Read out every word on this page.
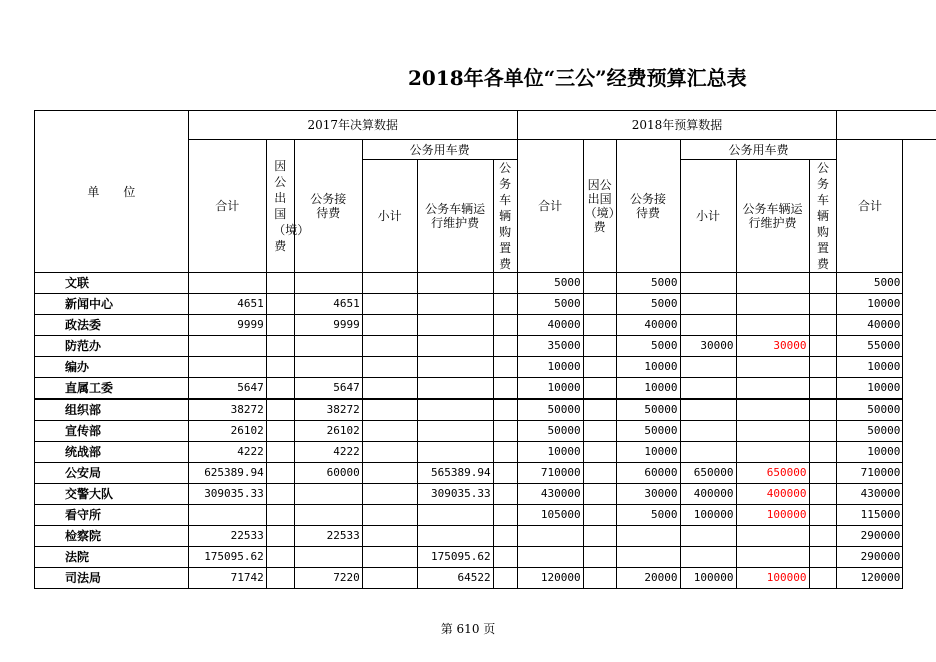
2018年各单位“三公”经费预算汇总表
单　　位	2017年决算数据						2018年预算数据							
	合计	因公出国（境）费	公务接待费	公务用车费			合计	因公出国（境）费	公务接待费	公务用车费			合计	
				小计	公务车辆运行维护费	公务车辆购置费				小计	公务车辆运行维护费	公务车辆购置费		

文联							5000		5000				5000	
新闻中心	4651		4651				5000		5000				10000	
政法委	9999		9999				40000		40000				40000	
防范办							35000		5000	30000	30000		55000	
编办							10000		10000				10000	
直属工委	5647		5647				10000		10000				10000	
组织部	38272		38272				50000		50000				50000	
宣传部	26102		26102				50000		50000				50000	
统战部	4222		4222				10000		10000				10000	
公安局	625389.94		60000		565389.94		710000		60000	650000	650000		710000	
交警大队	309035.33				309035.33		430000		30000	400000	400000		430000	
看守所							105000		5000	100000	100000		115000	
检察院	22533		22533										290000	
法院	175095.62				175095.62								290000	
司法局	71742		7220		64522		120000		20000	100000	100000		120000	
第 610 页
